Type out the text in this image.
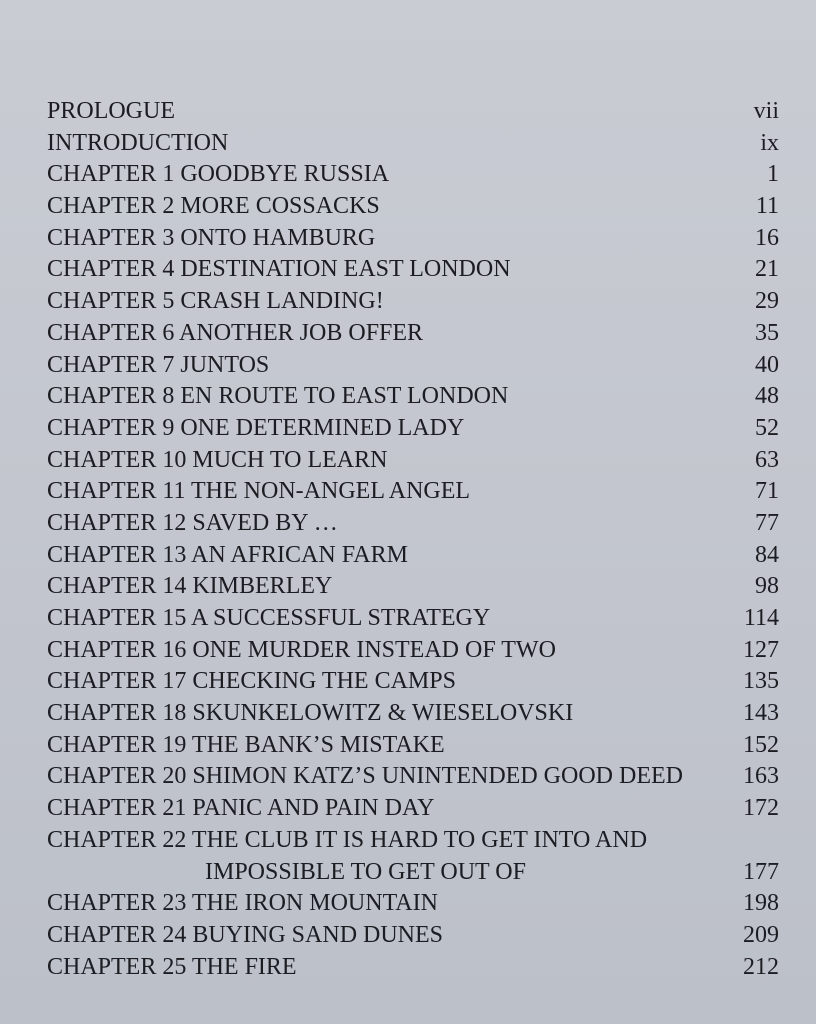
PROLOGUE	vii
INTRODUCTION	ix
CHAPTER 1 GOODBYE RUSSIA	1
CHAPTER 2 MORE COSSACKS	11
CHAPTER 3 ONTO HAMBURG	16
CHAPTER 4 DESTINATION EAST LONDON	21
CHAPTER 5 CRASH LANDING!	29
CHAPTER 6 ANOTHER JOB OFFER	35
CHAPTER 7 JUNTOS	40
CHAPTER 8 EN ROUTE TO EAST LONDON	48
CHAPTER 9 ONE DETERMINED LADY	52
CHAPTER 10 MUCH TO LEARN	63
CHAPTER 11 THE NON-ANGEL ANGEL	71
CHAPTER 12 SAVED BY …	77
CHAPTER 13 AN AFRICAN FARM	84
CHAPTER 14 KIMBERLEY	98
CHAPTER 15 A SUCCESSFUL STRATEGY	114
CHAPTER 16 ONE MURDER INSTEAD OF TWO	127
CHAPTER 17 CHECKING THE CAMPS	135
CHAPTER 18 SKUNKELOWITZ & WIESELOVSKI	143
CHAPTER 19 THE BANK’S MISTAKE	152
CHAPTER 20 SHIMON KATZ’S UNINTENDED GOOD DEED	163
CHAPTER 21 PANIC AND PAIN DAY	172
CHAPTER 22 THE CLUB IT IS HARD TO GET INTO AND
IMPOSSIBLE TO GET OUT OF	177
CHAPTER 23 THE IRON MOUNTAIN	198
CHAPTER 24 BUYING SAND DUNES	209
CHAPTER 25 THE FIRE	212
